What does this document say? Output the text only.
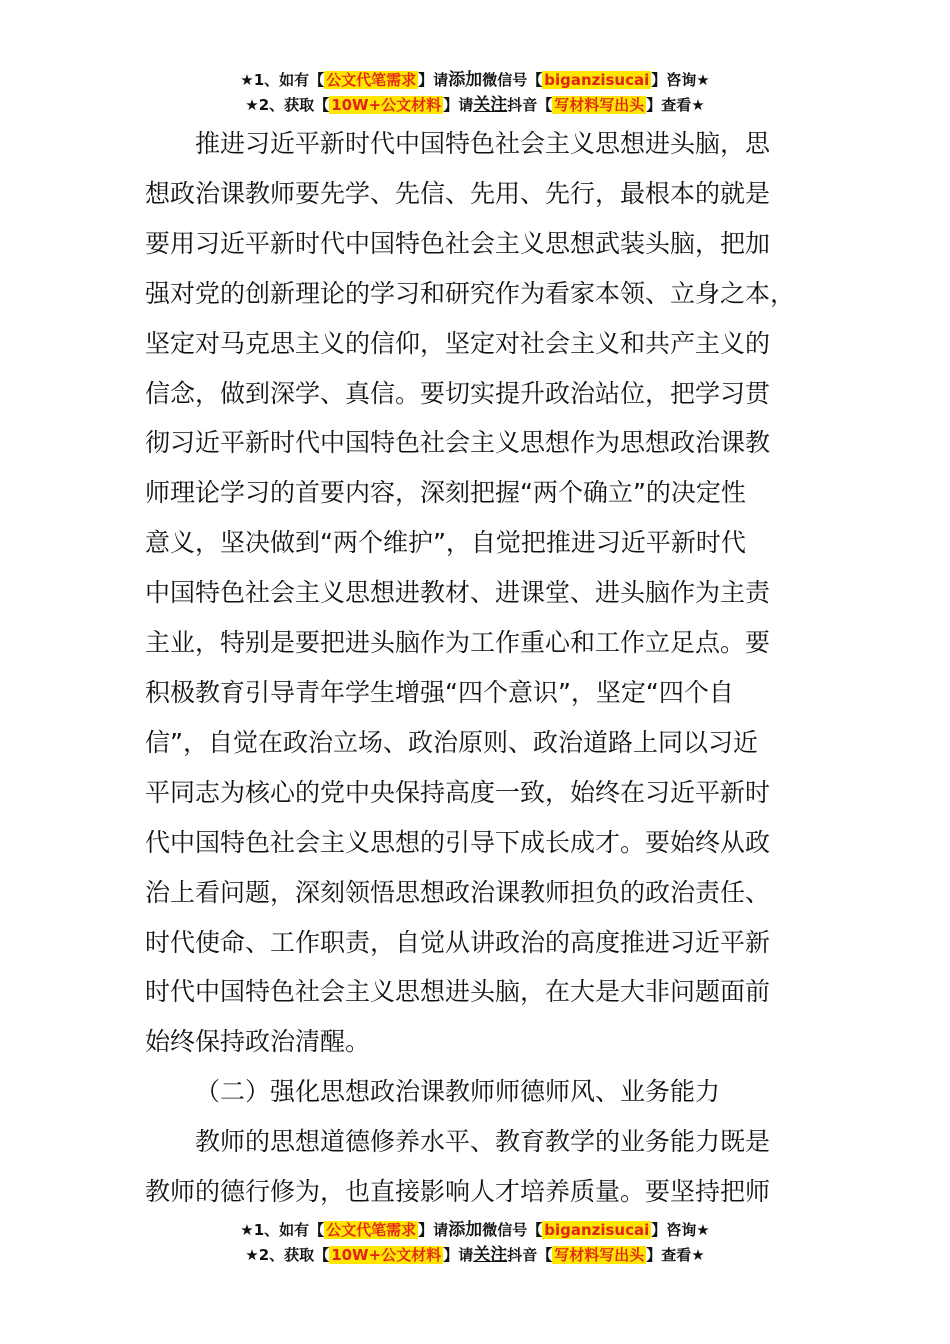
★1、如有【 公文代笔需求 】请添加微信号【 biganzisucai 】咨询★
★2、获取【 10W+公文材料 】请关注抖音【 写材料写出头 】查看★

推进习近平新时代中国特色社会主义思想进头脑，思

想政治课教师要先学、先信、先用、先行，最根本的就是

要用习近平新时代中国特色社会主义思想武装头脑，把加

强对党的创新理论的学习和研究作为看家本领、立身之本，

坚定对马克思主义的信仰，坚定对社会主义和共产主义的

信念，做到深学、真信。要切实提升政治站位，把学习贯

彻习近平新时代中国特色社会主义思想作为思想政治课教

师理论学习的首要内容，深刻把握“两个确立”的决定性

意义，坚决做到“两个维护”，自觉把推进习近平新时代

中国特色社会主义思想进教材、进课堂、进头脑作为主责

主业，特别是要把进头脑作为工作重心和工作立足点。要

积极教育引导青年学生增强“四个意识”，坚定“四个自

信”，自觉在政治立场、政治原则、政治道路上同以习近

平同志为核心的党中央保持高度一致，始终在习近平新时

代中国特色社会主义思想的引导下成长成才。要始终从政

治上看问题，深刻领悟思想政治课教师担负的政治责任、

时代使命、工作职责，自觉从讲政治的高度推进习近平新

时代中国特色社会主义思想进头脑，在大是大非问题面前

始终保持政治清醒。

（二）强化思想政治课教师师德师风、业务能力

教师的思想道德修养水平、教育教学的业务能力既是

教师的德行修为，也直接影响人才培养质量。要坚持把师

★1、如有【 公文代笔需求 】请添加微信号【 biganzisucai 】咨询★
★2、获取【 10W+公文材料 】请关注抖音【 写材料写出头 】查看★
